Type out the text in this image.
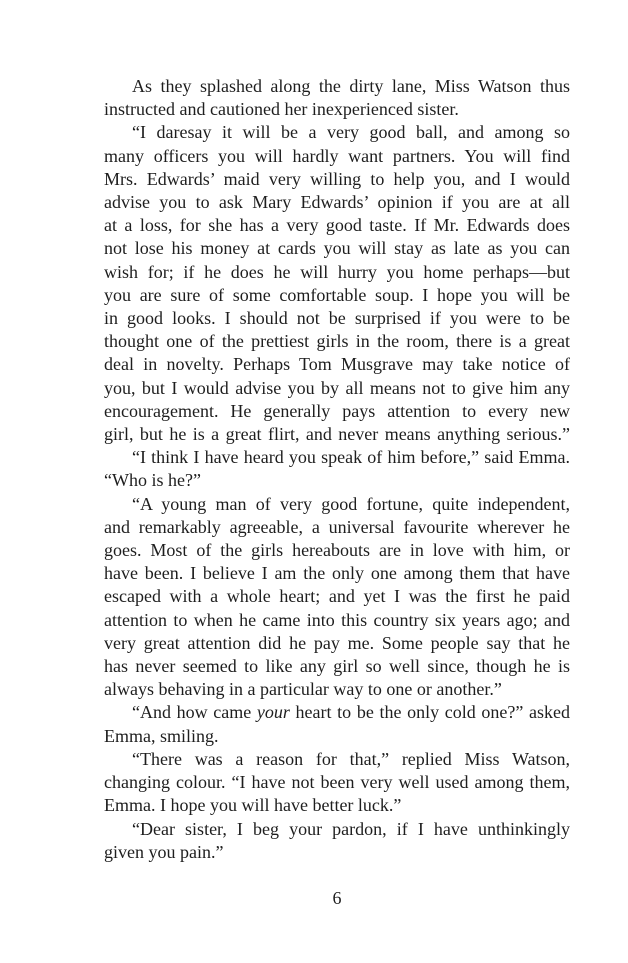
As they splashed along the dirty lane, Miss Watson thus
instructed and cautioned her inexperienced sister.
“I daresay it will be a very good ball, and among so
many officers you will hardly want partners. You will find
Mrs. Edwards’ maid very willing to help you, and I would
advise you to ask Mary Edwards’ opinion if you are at all
at a loss, for she has a very good taste. If Mr. Edwards does
not lose his money at cards you will stay as late as you can
wish for; if he does he will hurry you home perhaps—but
you are sure of some comfortable soup. I hope you will be
in good looks. I should not be surprised if you were to be
thought one of the prettiest girls in the room, there is a great
deal in novelty. Perhaps Tom Musgrave may take notice of
you, but I would advise you by all means not to give him any
encouragement. He generally pays attention to every new
girl, but he is a great flirt, and never means anything serious.”
“I think I have heard you speak of him before,” said Emma.
“Who is he?”
“A young man of very good fortune, quite independent,
and remarkably agreeable, a universal favourite wherever he
goes. Most of the girls hereabouts are in love with him, or
have been. I believe I am the only one among them that have
escaped with a whole heart; and yet I was the first he paid
attention to when he came into this country six years ago; and
very great attention did he pay me. Some people say that he
has never seemed to like any girl so well since, though he is
always behaving in a particular way to one or another.”
“And how came your heart to be the only cold one?” asked
Emma, smiling.
“There was a reason for that,” replied Miss Watson,
changing colour. “I have not been very well used among them,
Emma. I hope you will have better luck.”
“Dear sister, I beg your pardon, if I have unthinkingly
given you pain.”
6
